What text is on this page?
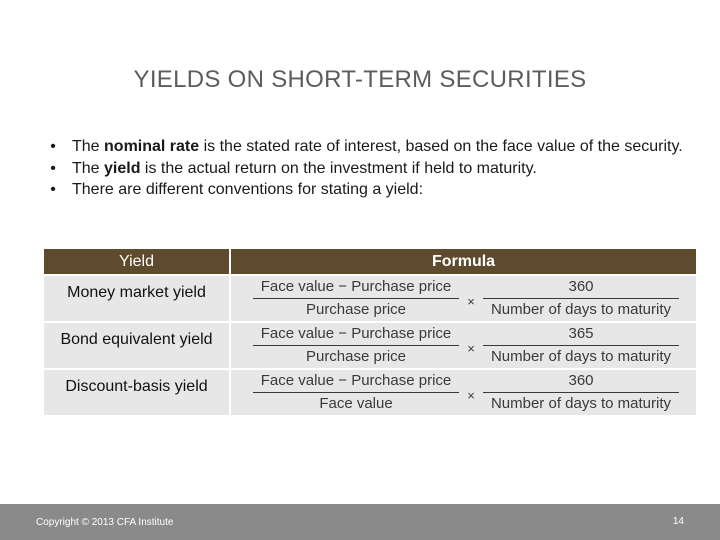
YIELDS ON SHORT-TERM SECURITIES
• The nominal rate is the stated rate of interest, based on the face value of the security.
• The yield is the actual return on the investment if held to maturity.
• There are different conventions for stating a yield:
Yield	Formula
Money market yield	$\frac{\text{Face value − Purchase price}}{\text{Purchase price}} \times \frac{360}{\text{Number of days to maturity}}$

Bond equivalent yield	$\frac{\text{Face value − Purchase price}}{\text{Purchase price}} \times \frac{365}{\text{Number of days to maturity}}$

Discount-basis yield	$\frac{\text{Face value − Purchase price}}{\text{Face value}} \times \frac{360}{\text{Number of days to maturity}}$
Copyright © 2013 CFA Institute	14
